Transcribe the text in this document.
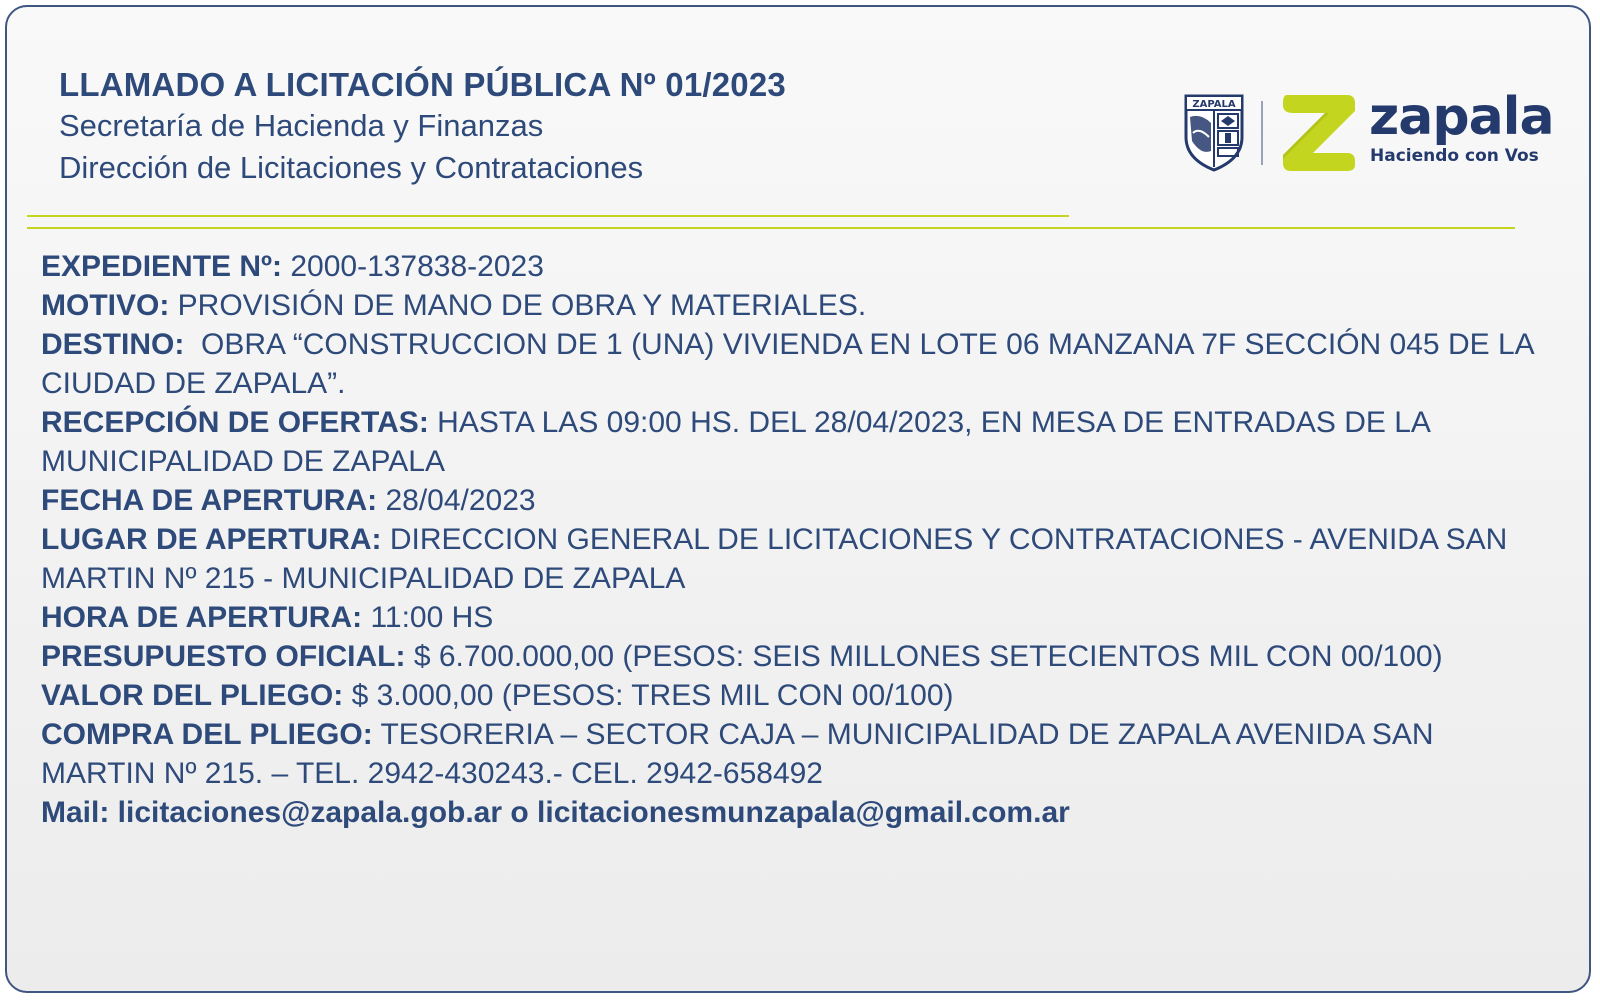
LLAMADO A LICITACIÓN PÚBLICA Nº 01/2023
Secretaría de Hacienda y Finanzas
Dirección de Licitaciones y Contrataciones
ZAPALA	zapala
Haciendo con Vos

EXPEDIENTE Nº: 2000-137838-2023

MOTIVO: PROVISIÓN DE MANO DE OBRA Y MATERIALES.

DESTINO:  OBRA “CONSTRUCCION DE 1 (UNA) VIVIENDA EN LOTE 06 MANZANA 7F SECCIÓN 045 DE LA CIUDAD DE ZAPALA”.

RECEPCIÓN DE OFERTAS: HASTA LAS 09:00 HS. DEL 28/04/2023, EN MESA DE ENTRADAS DE LA MUNICIPALIDAD DE ZAPALA

FECHA DE APERTURA: 28/04/2023

LUGAR DE APERTURA: DIRECCION GENERAL DE LICITACIONES Y CONTRATACIONES - AVENIDA SAN MARTIN Nº 215 - MUNICIPALIDAD DE ZAPALA

HORA DE APERTURA: 11:00 HS

PRESUPUESTO OFICIAL: $ 6.700.000,00 (PESOS: SEIS MILLONES SETECIENTOS MIL CON 00/100)

VALOR DEL PLIEGO: $ 3.000,00 (PESOS: TRES MIL CON 00/100)

COMPRA DEL PLIEGO: TESORERIA – SECTOR CAJA – MUNICIPALIDAD DE ZAPALA AVENIDA SAN MARTIN Nº 215. – TEL. 2942-430243.- CEL. 2942-658492

Mail: licitaciones@zapala.gob.ar o licitacionesmunzapala@gmail.com.ar
